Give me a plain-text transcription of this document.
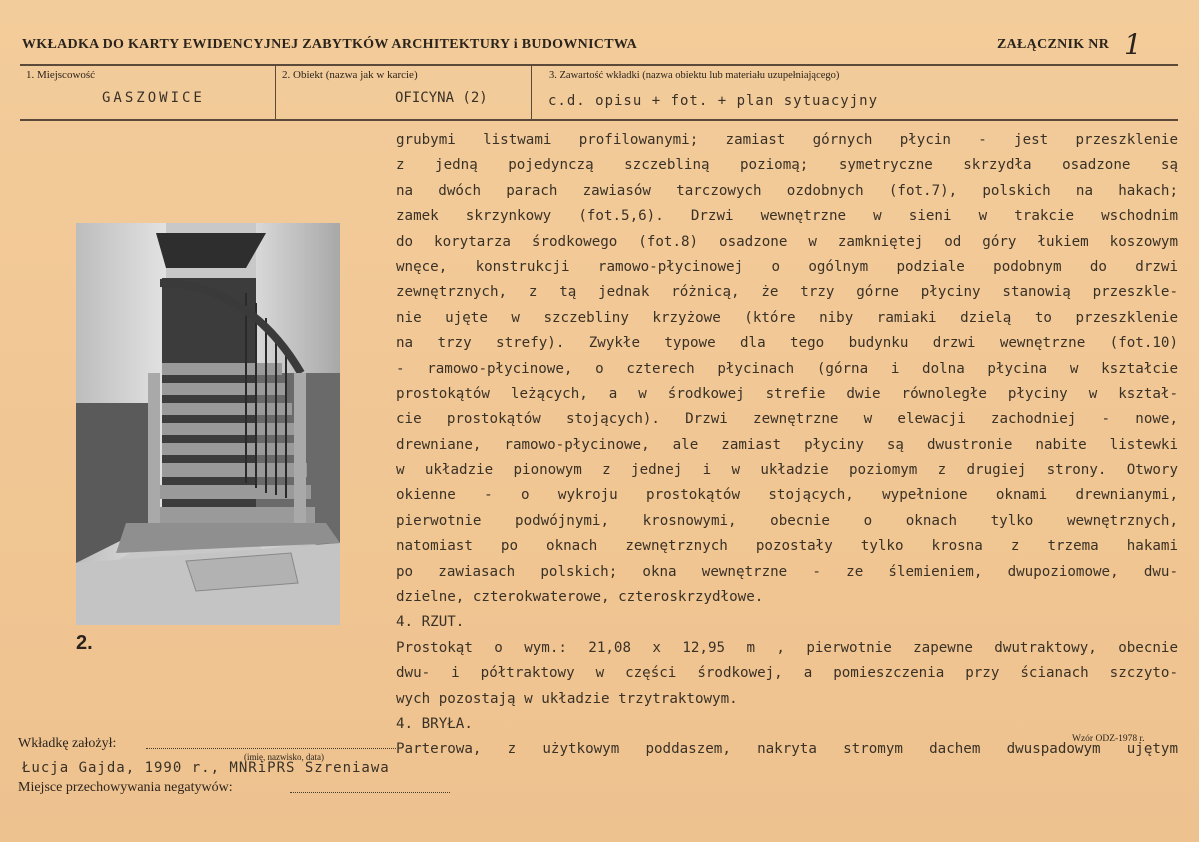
WKŁADKA DO KARTY EWIDENCYJNEJ ZABYTKÓW ARCHITEKTURY i BUDOWNICTWA	ZAŁĄCZNIK NR 1
1. Miejscowość
GASZOWICE
2. Obiekt (nazwa jak w karcie)
OFICYNA (2)
3. Zawartość wkładki (nazwa obiektu lub materiału uzupełniającego)
c.d. opisu + fot. + plan sytuacyjny
2.
grubymi listwami profilowanymi; zamiast górnych płycin - jest przeszklenie
z jedną pojedynczą szczebliną poziomą; symetryczne skrzydła osadzone są
na dwóch parach zawiasów tarczowych ozdobnych (fot.7), polskich na hakach;
zamek skrzynkowy (fot.5,6). Drzwi wewnętrzne w sieni w trakcie wschodnim
do korytarza środkowego (fot.8) osadzone w zamkniętej od góry łukiem koszowym
wnęce, konstrukcji ramowo-płycinowej o ogólnym podziale podobnym do drzwi
zewnętrznych, z tą jednak różnicą, że trzy górne płyciny stanowią przeszkle-
nie ujęte w szczebliny krzyżowe (które niby ramiaki dzielą to przeszklenie
na trzy strefy). Zwykłe typowe dla tego budynku drzwi wewnętrzne (fot.10)
- ramowo-płycinowe, o czterech płycinach (górna i dolna płycina w kształcie
prostokątów leżących, a w środkowej strefie dwie równoległe płyciny w kształ-
cie prostokątów stojących). Drzwi zewnętrzne w elewacji zachodniej - nowe,
drewniane, ramowo-płycinowe, ale zamiast płyciny są dwustronie nabite listewki
w układzie pionowym z jednej i w układzie poziomym z drugiej strony. Otwory
okienne - o wykroju prostokątów stojących, wypełnione oknami drewnianymi,
pierwotnie podwójnymi, krosnowymi, obecnie o oknach tylko wewnętrznych,
natomiast po oknach zewnętrznych pozostały tylko krosna z trzema hakami
po zawiasach polskich; okna wewnętrzne - ze ślemieniem, dwupoziomowe, dwu-
dzielne, czterokwaterowe, czteroskrzydłowe.
4. RZUT.
Prostokąt o wym.: 21,08 x 12,95 m , pierwotnie zapewne dwutraktowy, obecnie
dwu- i półtraktowy w części środkowej, a pomieszczenia przy ścianach szczyto-
wych pozostają w układzie trzytraktowym.
4. BRYŁA.
Parterowa, z użytkowym poddaszem, nakryta stromym dachem dwuspadowym ujętym
Wkładkę założył:
(imię, nazwisko, data)
Łucja Gajda, 1990 r., MNRiPRS Szreniawa
Miejsce przechowywania negatywów:
Wzór ODZ-1978 r.
